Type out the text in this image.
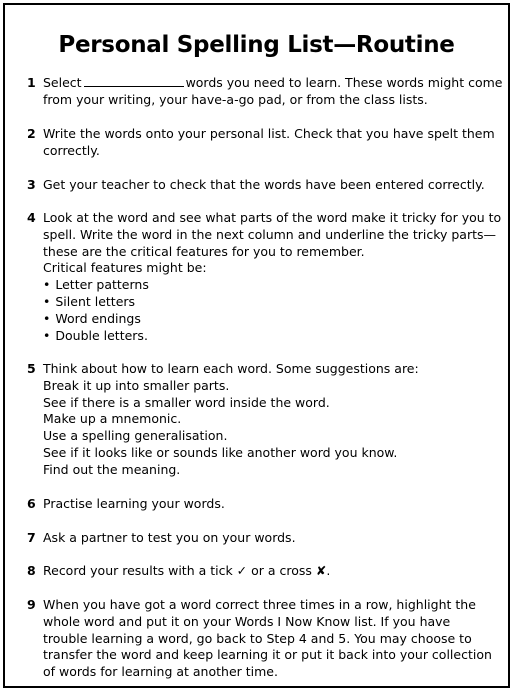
Personal Spelling List—Routine
1 Select	words you need to learn. These words might come
from your writing, your have-a-go pad, or from the class lists.
2 Write the words onto your personal list. Check that you have spelt them
correctly.
3 Get your teacher to check that the words have been entered correctly.
4 Look at the word and see what parts of the word make it tricky for you to
spell. Write the word in the next column and underline the tricky parts—
these are the critical features for you to remember.
Critical features might be:
• Letter patterns
• Silent letters
• Word endings
• Double letters.
5 Think about how to learn each word. Some suggestions are:
Break it up into smaller parts.
See if there is a smaller word inside the word.
Make up a mnemonic.
Use a spelling generalisation.
See if it looks like or sounds like another word you know.
Find out the meaning.
6 Practise learning your words.
7 Ask a partner to test you on your words.
8 Record your results with a tick ✓ or a cross ✘.
9 When you have got a word correct three times in a row, highlight the
whole word and put it on your Words I Now Know list. If you have
trouble learning a word, go back to Step 4 and 5. You may choose to
transfer the word and keep learning it or put it back into your collection
of words for learning at another time.
